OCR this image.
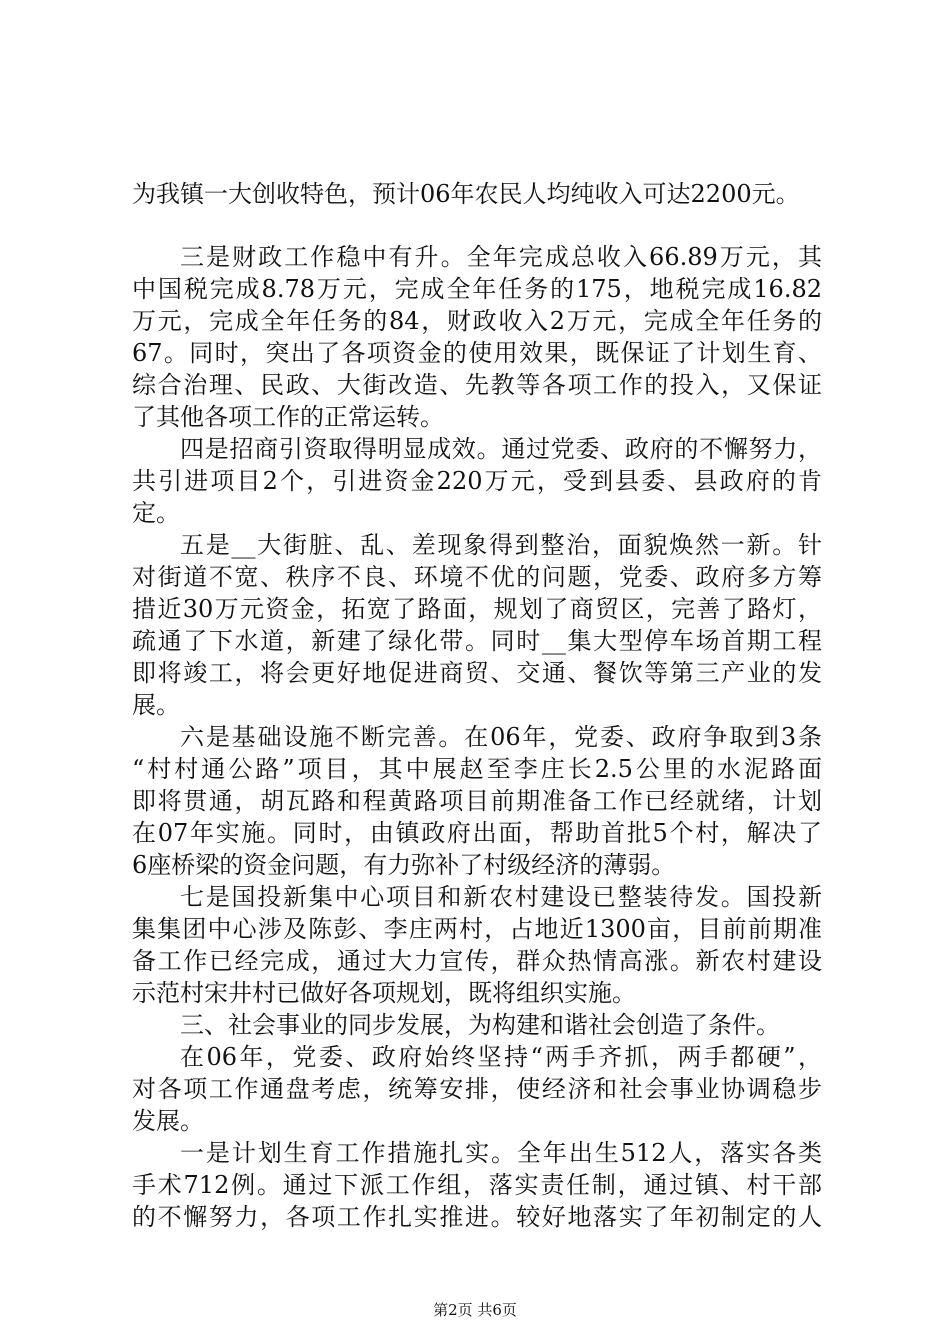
为我镇一大创收特色，预计06年农民人均纯收入可达2200元。
三是财政工作稳中有升。全年完成总收入66.89万元，其
中国税完成8.78万元，完成全年任务的175，地税完成16.82
万元，完成全年任务的84，财政收入2万元，完成全年任务的
67。同时，突出了各项资金的使用效果，既保证了计划生育、
综合治理、民政、大街改造、先教等各项工作的投入，又保证
了其他各项工作的正常运转。
四是招商引资取得明显成效。通过党委、政府的不懈努力，
共引进项目2个，引进资金220万元，受到县委、县政府的肯
定。
五是__大街脏、乱、差现象得到整治，面貌焕然一新。针
对街道不宽、秩序不良、环境不优的问题，党委、政府多方筹
措近30万元资金，拓宽了路面，规划了商贸区，完善了路灯，
疏通了下水道，新建了绿化带。同时__集大型停车场首期工程
即将竣工，将会更好地促进商贸、交通、餐饮等第三产业的发
展。
六是基础设施不断完善。在06年，党委、政府争取到3条
“村村通公路”项目，其中展赵至李庄长2.5公里的水泥路面
即将贯通，胡瓦路和程黄路项目前期准备工作已经就绪，计划
在07年实施。同时，由镇政府出面，帮助首批5个村，解决了
6座桥梁的资金问题，有力弥补了村级经济的薄弱。
七是国投新集中心项目和新农村建设已整装待发。国投新
集集团中心涉及陈彭、李庄两村，占地近1300亩，目前前期准
备工作已经完成，通过大力宣传，群众热情高涨。新农村建设
示范村宋井村已做好各项规划，既将组织实施。
三、社会事业的同步发展，为构建和谐社会创造了条件。
在06年，党委、政府始终坚持“两手齐抓，两手都硬”，
对各项工作通盘考虑，统筹安排，使经济和社会事业协调稳步
发展。
一是计划生育工作措施扎实。全年出生512人，落实各类
手术712例。通过下派工作组，落实责任制，通过镇、村干部
的不懈努力，各项工作扎实推进。较好地落实了年初制定的人
第2页 共6页
